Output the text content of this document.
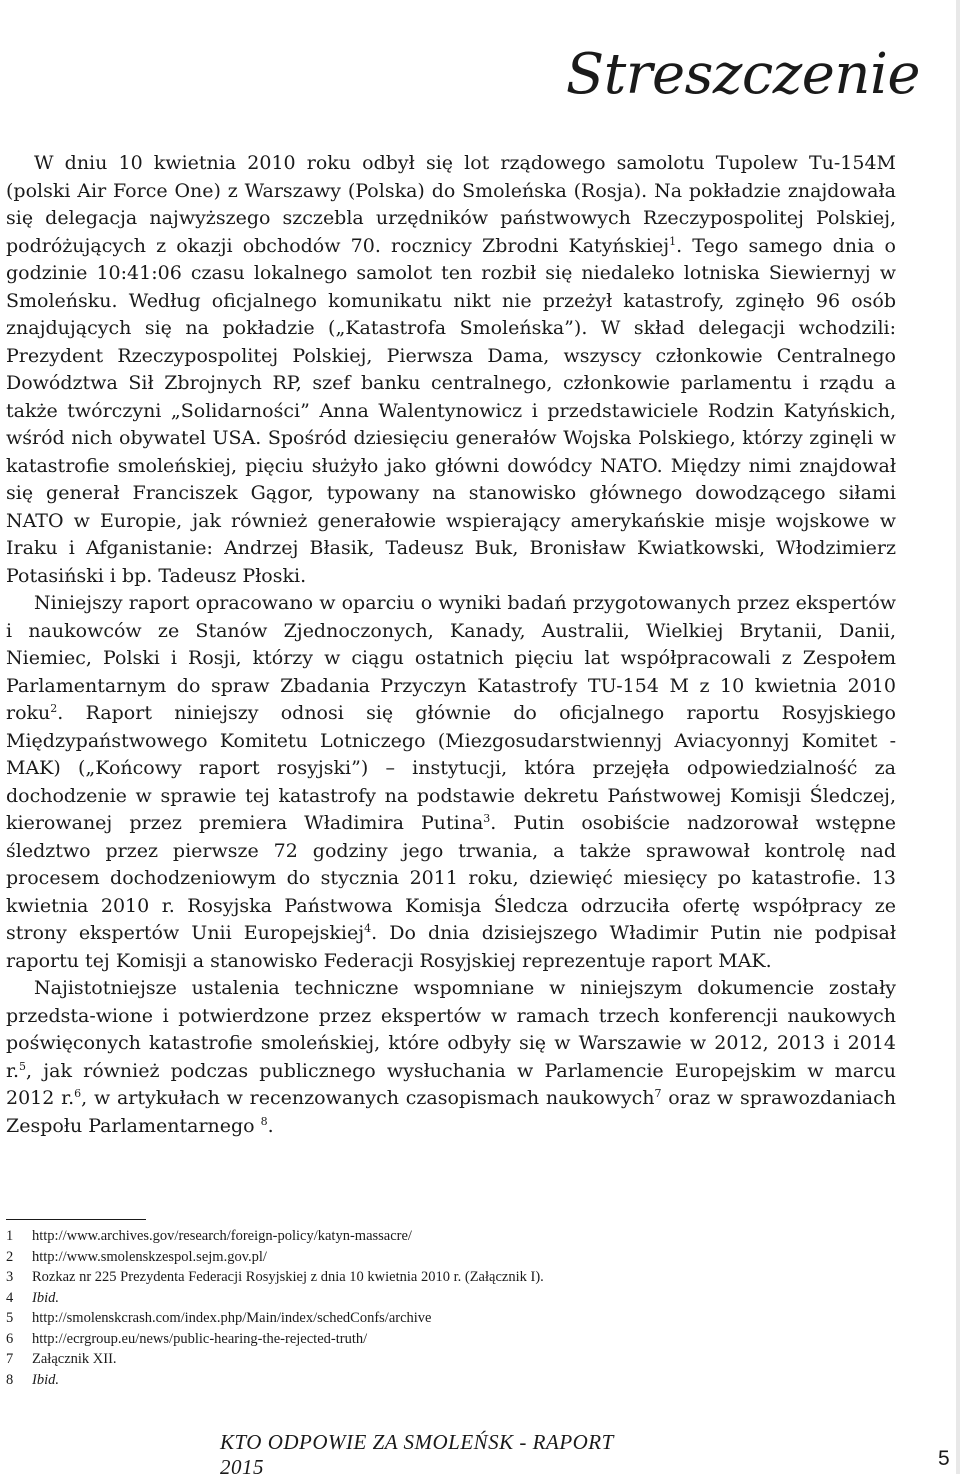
Streszczenie

W dniu 10 kwietnia 2010 roku odbył się lot rządowego samolotu Tupolew Tu-154M (polski Air Force One) z Warszawy (Polska) do Smoleńska (Rosja). Na pokładzie znajdowała się delegacja najwyższego szczebla urzędników państwowych Rzeczypospolitej Polskiej, podróżujących z okazji obchodów 70. rocznicy Zbrodni Katyńskiej$^1$. Tego samego dnia o godzinie 10:41:06 czasu lokalnego samolot ten rozbił się niedaleko lotniska Siewiernyj w Smoleńsku. Według oficjalnego komunikatu nikt nie przeżył katastrofy, zginęło 96 osób znajdujących się na pokładzie („Katastrofa Smoleńska”). W skład delegacji wchodzili: Prezydent Rzeczypospolitej Polskiej, Pierwsza Dama, wszyscy członkowie Centralnego Dowództwa Sił Zbrojnych RP, szef banku centralnego, członkowie parlamentu i rządu a także twórczyni „Solidarności” Anna Walentynowicz i przedstawiciele Rodzin Katyńskich, wśród nich obywatel USA. Spośród dziesięciu generałów Wojska Polskiego, którzy zginęli w katastrofie smoleńskiej, pięciu służyło jako główni dowódcy NATO. Między nimi znajdował się generał Franciszek Gągor, typowany na stanowisko głównego dowodzącego siłami NATO w Europie, jak również generałowie wspierający amerykańskie misje wojskowe w Iraku i Afganistanie: Andrzej Błasik, Tadeusz Buk, Bronisław Kwiatkowski, Włodzimierz Potasiński i bp. Tadeusz Płoski.

Niniejszy raport opracowano w oparciu o wyniki badań przygotowanych przez ekspertów i naukowców ze Stanów Zjednoczonych, Kanady, Australii, Wielkiej Brytanii, Danii, Niemiec, Polski i Rosji, którzy w ciągu ostatnich pięciu lat współpracowali z Zespołem Parlamentarnym do spraw Zbadania Przyczyn Katastrofy TU-154 M z 10 kwietnia 2010 roku$^2$. Raport niniejszy odnosi się głównie do oficjalnego raportu Rosyjskiego Międzypaństwowego Komitetu Lotniczego (Miezgosudarstwiennyj Aviacyonnyj Komitet - MAK) („Końcowy raport rosyjski”) – instytucji, która przejęła odpowiedzialność za dochodzenie w sprawie tej katastrofy na podstawie dekretu Państwowej Komisji Śledczej, kierowanej przez premiera Władimira Putina$^3$. Putin osobiście nadzorował wstępne śledztwo przez pierwsze 72 godziny jego trwania, a także sprawował kontrolę nad procesem dochodzeniowym do stycznia 2011 roku, dziewięć miesięcy po katastrofie. 13 kwietnia 2010 r. Rosyjska Państwowa Komisja Śledcza odrzuciła ofertę współpracy ze strony ekspertów Unii Europejskiej$^4$. Do dnia dzisiejszego Władimir Putin nie podpisał raportu tej Komisji a stanowisko Federacji Rosyjskiej reprezentuje raport MAK.

Najistotniejsze ustalenia techniczne wspomniane w niniejszym dokumencie zostały przedsta-wione i potwierdzone przez ekspertów w ramach trzech konferencji naukowych poświęconych katastrofie smoleńskiej, które odbyły się w Warszawie w 2012, 2013 i 2014 r.$^5$, jak również podczas publicznego wysłuchania w Parlamencie Europejskim w marcu 2012 r.$^6$, w artykułach w recenzowanych czasopismach naukowych$^7$ oraz w sprawozdaniach Zespołu Parlamentarnego $^8$.

1	http://www.archives.gov/research/foreign-policy/katyn-massacre/
2	http://www.smolenskzespol.sejm.gov.pl/
3	Rozkaz nr 225 Prezydenta Federacji Rosyjskiej z dnia 10 kwietnia 2010 r. (Załącznik I).
4	Ibid.
5	http://smolenskcrash.com/index.php/Main/index/schedConfs/archive
6	http://ecrgroup.eu/news/public-hearing-the-rejected-truth/
7	Załącznik XII.
8	Ibid.
KTO ODPOWIE ZA SMOLEŃSK - RAPORT 2015	5
